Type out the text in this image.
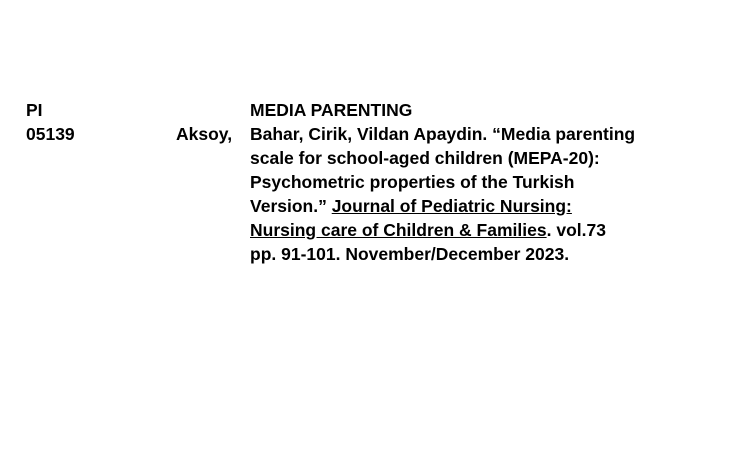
PI	MEDIA PARENTING
05139	Aksoy, Bahar, Cirik, Vildan Apaydin. “Media parenting
scale for school-aged children (MEPA-20):
Psychometric properties of the Turkish
Version.” Journal of Pediatric Nursing:
Nursing care of Children & Families. vol.73
pp. 91-101. November/December 2023.
